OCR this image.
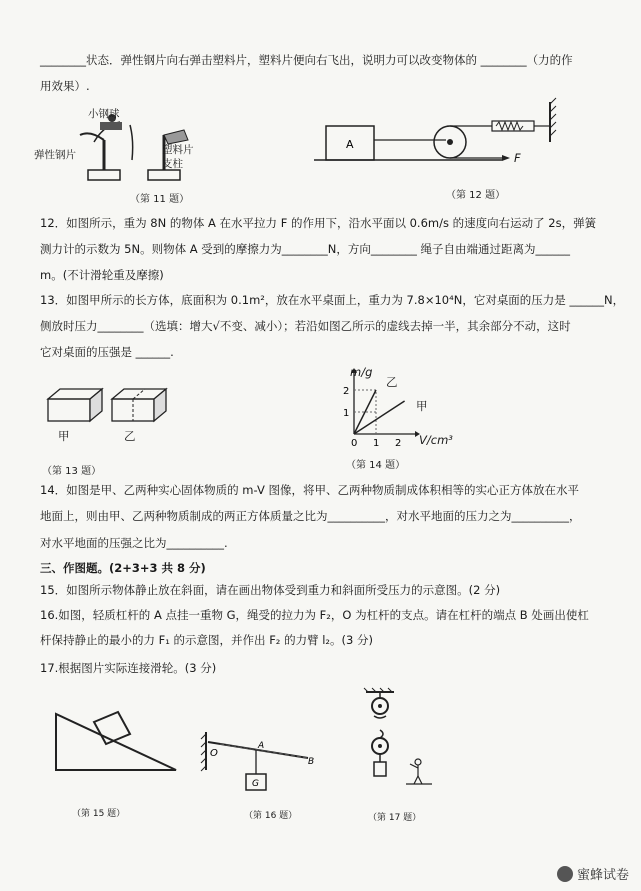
________状态．弹性钢片向右弹击塑料片，塑料片便向右飞出，说明力可以改变物体的 ________（力的作
用效果）.
小钢球
弹性钢片	塑料片
支柱
（第 11 题）
A
F
（第 12 题）
12．如图所示，重为 8N 的物体 A 在水平拉力 F 的作用下，沿水平面以 0.6m/s 的速度向右运动了 2s，弹簧
测力计的示数为 5N。则物体 A 受到的摩擦力为________N，方向________ 绳子自由端通过距离为______
m。(不计滑轮重及摩擦)
13．如图甲所示的长方体，底面积为 0.1m²，放在水平桌面上，重力为 7.8×10⁴N，它对桌面的压力是 ______N，
侧放时压力________（选填：增大√不变、减小）；若沿如图乙所示的虚线去掉一半，其余部分不动，这时
它对桌面的压强是 ______.
甲	乙
（第 13 题）
0 1 2
1
2
m/g
V/cm³
乙
甲
（第 14 题）
14．如图是甲、乙两种实心固体物质的 m-V 图像，将甲、乙两种物质制成体积相等的实心正方体放在水平
地面上，则由甲、乙两种物质制成的两正方体质量之比为__________，对水平地面的压力之为__________，
对水平地面的压强之比为__________.
三、作图题。(2+3+3 共 8 分)
15．如图所示物体静止放在斜面，请在画出物体受到重力和斜面所受压力的示意图。(2 分)
16.如图，轻质杠杆的 A 点挂一重物 G，绳受的拉力为 F₂，O 为杠杆的支点。请在杠杆的端点 B 处画出使杠
杆保持静止的最小的力 F₁ 的示意图，并作出 F₂ 的力臂 l₂。(3 分)
17.根据图片实际连接滑轮。(3 分)
（第 15 题）
O
A
B
G
（第 16 题）	（第 17 题）
蜜蜂试卷
